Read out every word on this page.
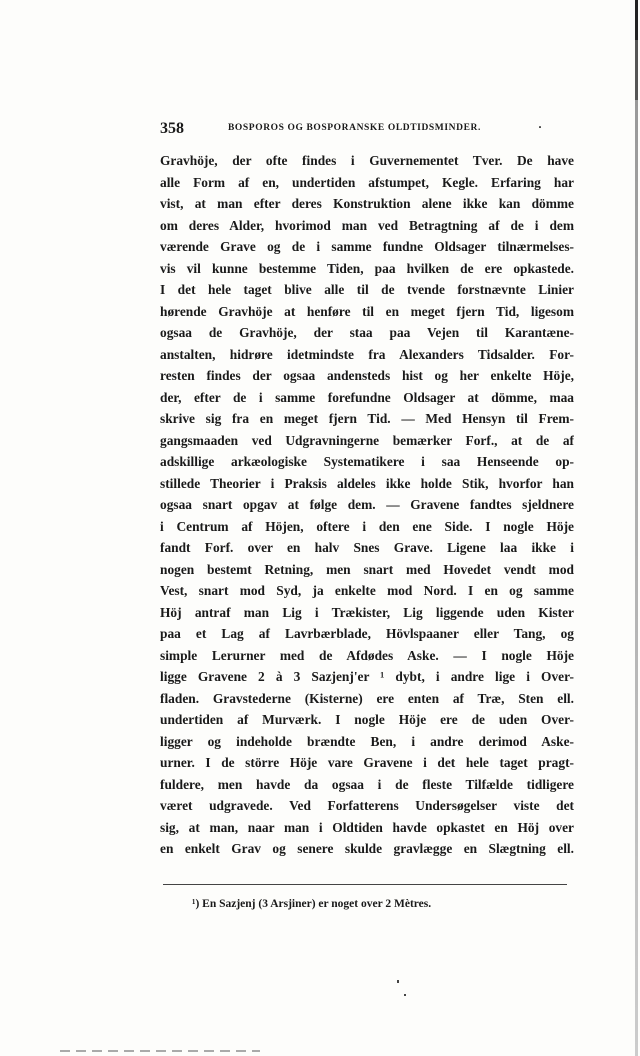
358	BOSPOROS OG BOSPORANSKE OLDTIDSMINDER.	·
Gravhöje, der ofte findes i Guvernementet Tver. De have
alle Form af en, undertiden afstumpet, Kegle. Erfaring har
vist, at man efter deres Konstruktion alene ikke kan dömme
om deres Alder, hvorimod man ved Betragtning af de i dem
værende Grave og de i samme fundne Oldsager tilnærmelses-
vis vil kunne bestemme Tiden, paa hvilken de ere opkastede.
I det hele taget blive alle til de tvende forstnævnte Linier
hørende Gravhöje at henføre til en meget fjern Tid, ligesom
ogsaa de Gravhöje, der staa paa Vejen til Karantæne-
anstalten, hidrøre idetmindste fra Alexanders Tidsalder. For-
resten findes der ogsaa andensteds hist og her enkelte Höje,
der, efter de i samme forefundne Oldsager at dömme, maa
skrive sig fra en meget fjern Tid. — Med Hensyn til Frem-
gangsmaaden ved Udgravningerne bemærker Forf., at de af
adskillige arkæologiske Systematikere i saa Henseende op-
stillede Theorier i Praksis aldeles ikke holde Stik, hvorfor han
ogsaa snart opgav at følge dem. — Gravene fandtes sjeldnere
i Centrum af Höjen, oftere i den ene Side. I nogle Höje
fandt Forf. over en halv Snes Grave. Ligene laa ikke i
nogen bestemt Retning, men snart med Hovedet vendt mod
Vest, snart mod Syd, ja enkelte mod Nord. I en og samme
Höj antraf man Lig i Trækister, Lig liggende uden Kister
paa et Lag af Lavrbærblade, Hövlspaaner eller Tang, og
simple Lerurner med de Afdødes Aske. — I nogle Höje
ligge Gravene 2 à 3 Sazjenj'er ¹ dybt, i andre lige i Over-
fladen. Gravstederne (Kisterne) ere enten af Træ, Sten ell.
undertiden af Murværk. I nogle Höje ere de uden Over-
ligger og indeholde brændte Ben, i andre derimod Aske-
urner. I de större Höje vare Gravene i det hele taget pragt-
fuldere, men havde da ogsaa i de fleste Tilfælde tidligere
været udgravede. Ved Forfatterens Undersøgelser viste det
sig, at man, naar man i Oldtiden havde opkastet en Höj over
en enkelt Grav og senere skulde gravlægge en Slægtning ell.
¹) En Sazjenj (3 Arsjiner) er noget over 2 Mètres.
